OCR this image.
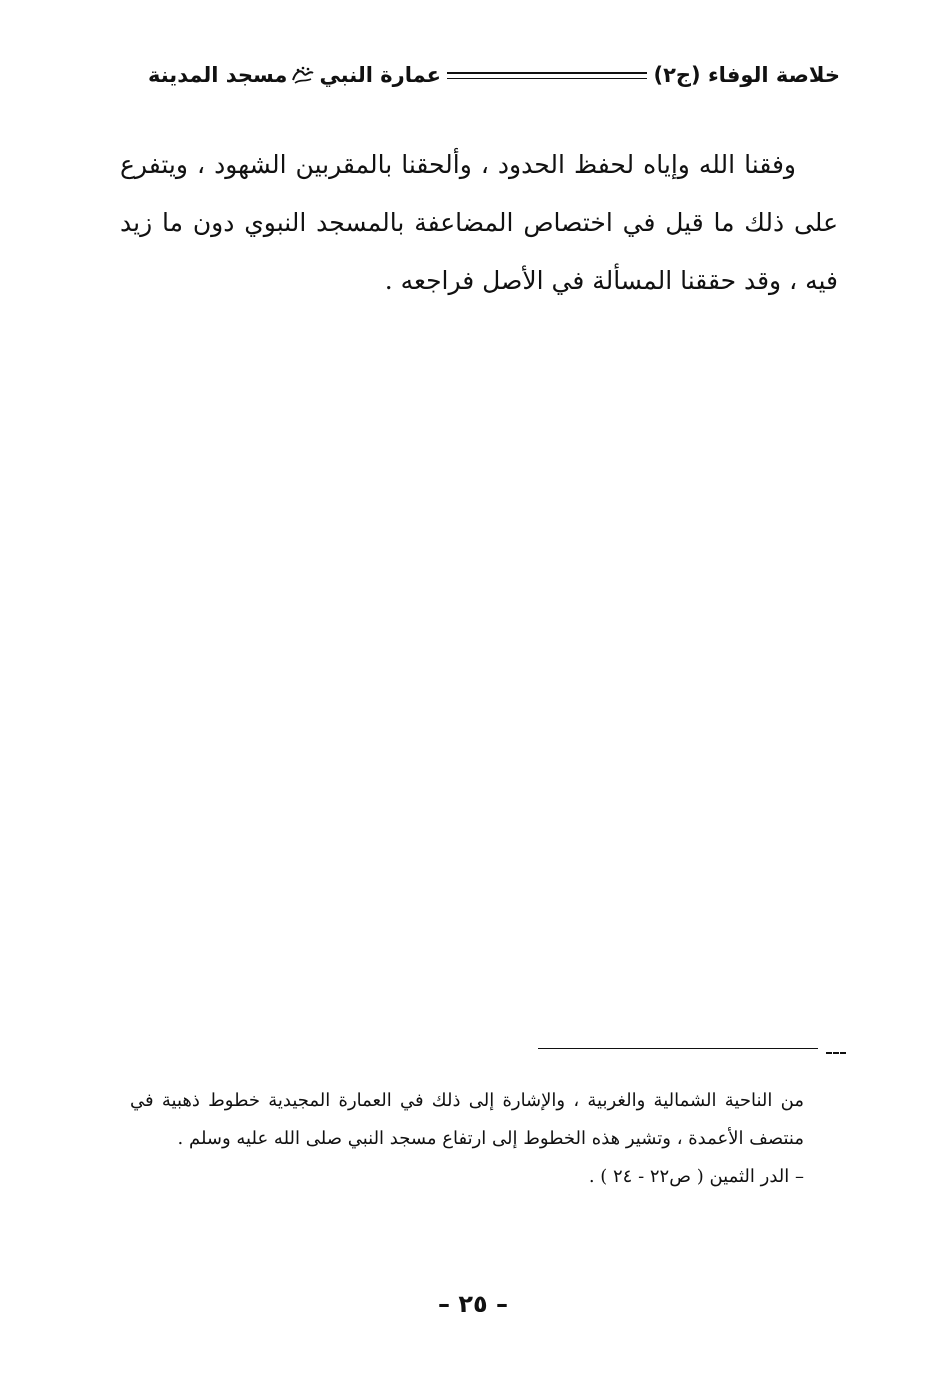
خلاصة الوفاء (ج٢)
عمارة النبي
مسجد المدينة

وفقنا الله وإياه لحفظ الحدود ، وألحقنا بالمقربين الشهود ، ويتفرع على ذلك ما قيل في اختصاص المضاعفة بالمسجد النبوي دون ما زيد فيه ، وقد حققنا المسألة في الأصل فراجعه .

من الناحية الشمالية والغربية ، والإشارة إلى ذلك في العمارة المجيدية خطوط ذهبية في منتصف الأعمدة ، وتشير هذه الخطوط إلى ارتفاع مسجد النبي صلى الله عليه وسلم .

– الدر الثمين ( ص٢٢ - ٢٤ ) .

– ٢٥ –
